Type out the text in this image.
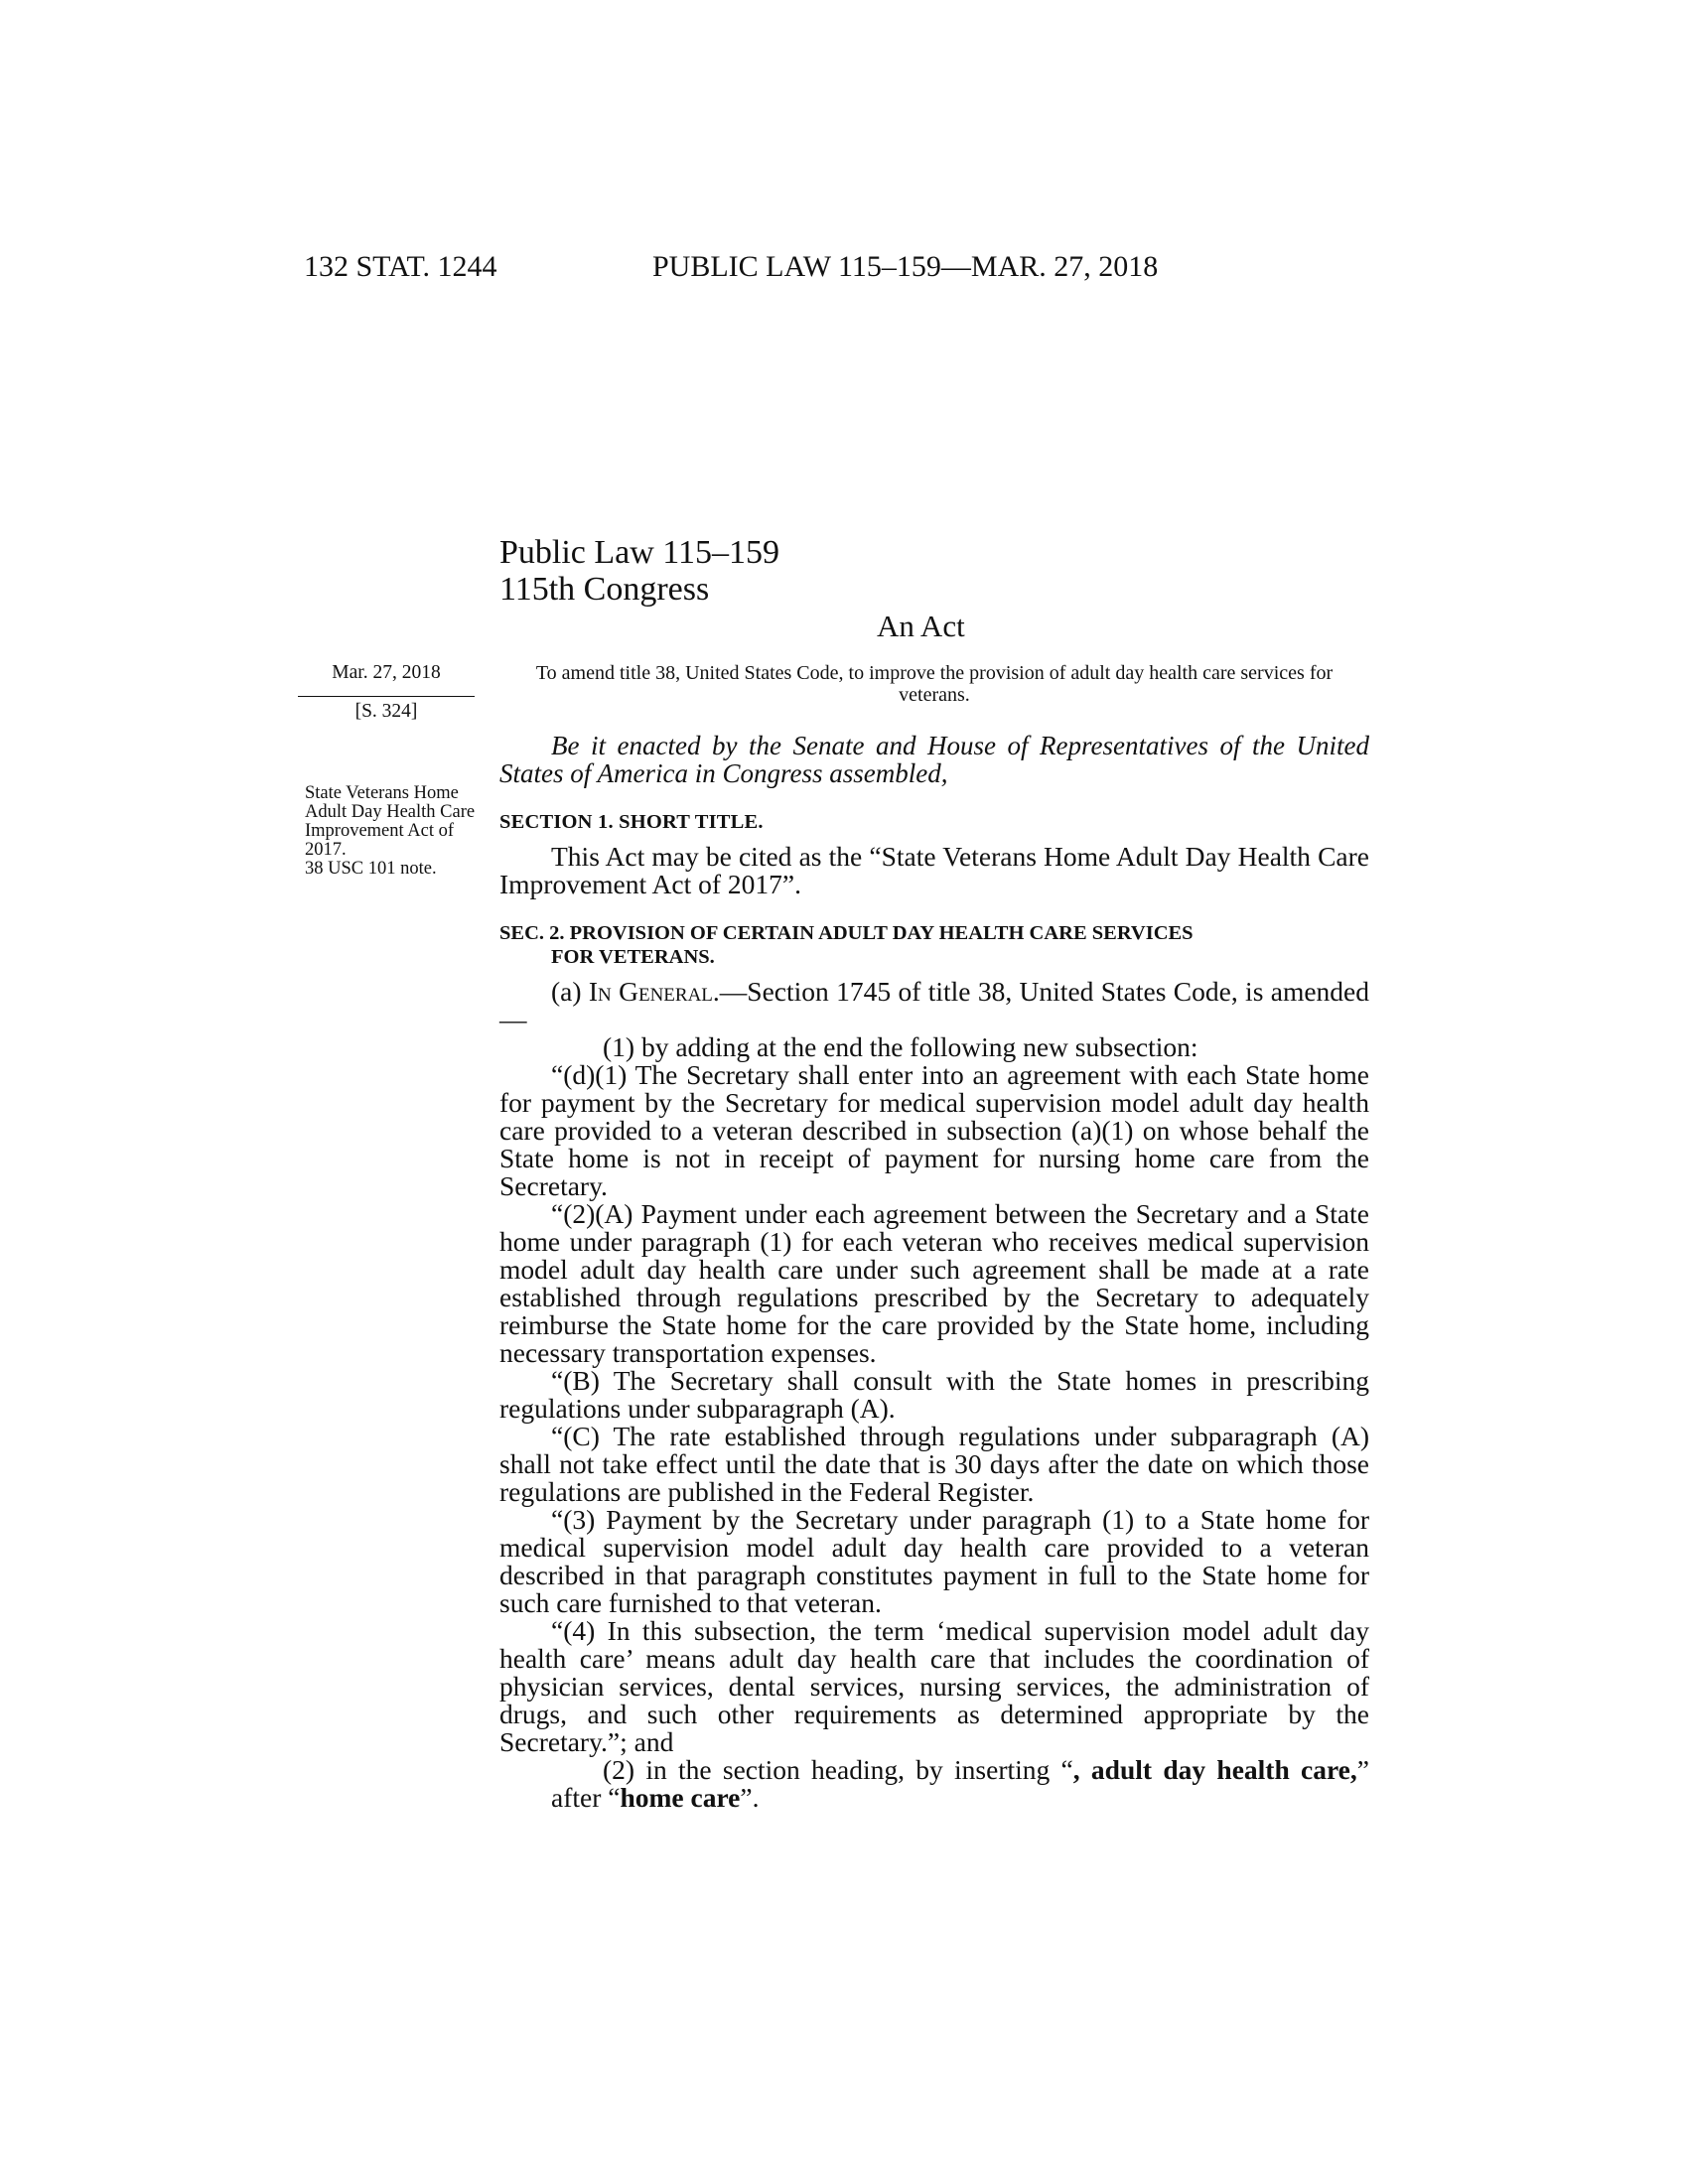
132 STAT. 1244	PUBLIC LAW 115–159—MAR. 27, 2018
Public Law 115–159
115th Congress
An Act
Mar. 27, 2018
[S. 324]
State Veterans Home Adult Day Health Care Improvement Act of 2017.
38 USC 101 note.
To amend title 38, United States Code, to improve the provision of adult day health care services for veterans.

Be it enacted by the Senate and House of Representatives of the United States of America in Congress assembled,

SECTION 1. SHORT TITLE.

This Act may be cited as the “State Veterans Home Adult Day Health Care Improvement Act of 2017”.

SEC. 2. PROVISION OF CERTAIN ADULT DAY HEALTH CARE SERVICES
FOR VETERANS.

(a) In General.—Section 1745 of title 38, United States Code, is amended—

(1) by adding at the end the following new subsection:

“(d)(1) The Secretary shall enter into an agreement with each State home for payment by the Secretary for medical supervision model adult day health care provided to a veteran described in subsection (a)(1) on whose behalf the State home is not in receipt of payment for nursing home care from the Secretary.

“(2)(A) Payment under each agreement between the Secretary and a State home under paragraph (1) for each veteran who receives medical supervision model adult day health care under such agreement shall be made at a rate established through regulations prescribed by the Secretary to adequately reimburse the State home for the care provided by the State home, including necessary transportation expenses.

“(B) The Secretary shall consult with the State homes in prescribing regulations under subparagraph (A).

“(C) The rate established through regulations under subparagraph (A) shall not take effect until the date that is 30 days after the date on which those regulations are published in the Federal Register.

“(3) Payment by the Secretary under paragraph (1) to a State home for medical supervision model adult day health care provided to a veteran described in that paragraph constitutes payment in full to the State home for such care furnished to that veteran.

“(4) In this subsection, the term ‘medical supervision model adult day health care’ means adult day health care that includes the coordination of physician services, dental services, nursing services, the administration of drugs, and such other requirements as determined appropriate by the Secretary.”; and

(2) in the section heading, by inserting “, adult day health care,” after “home care”.
